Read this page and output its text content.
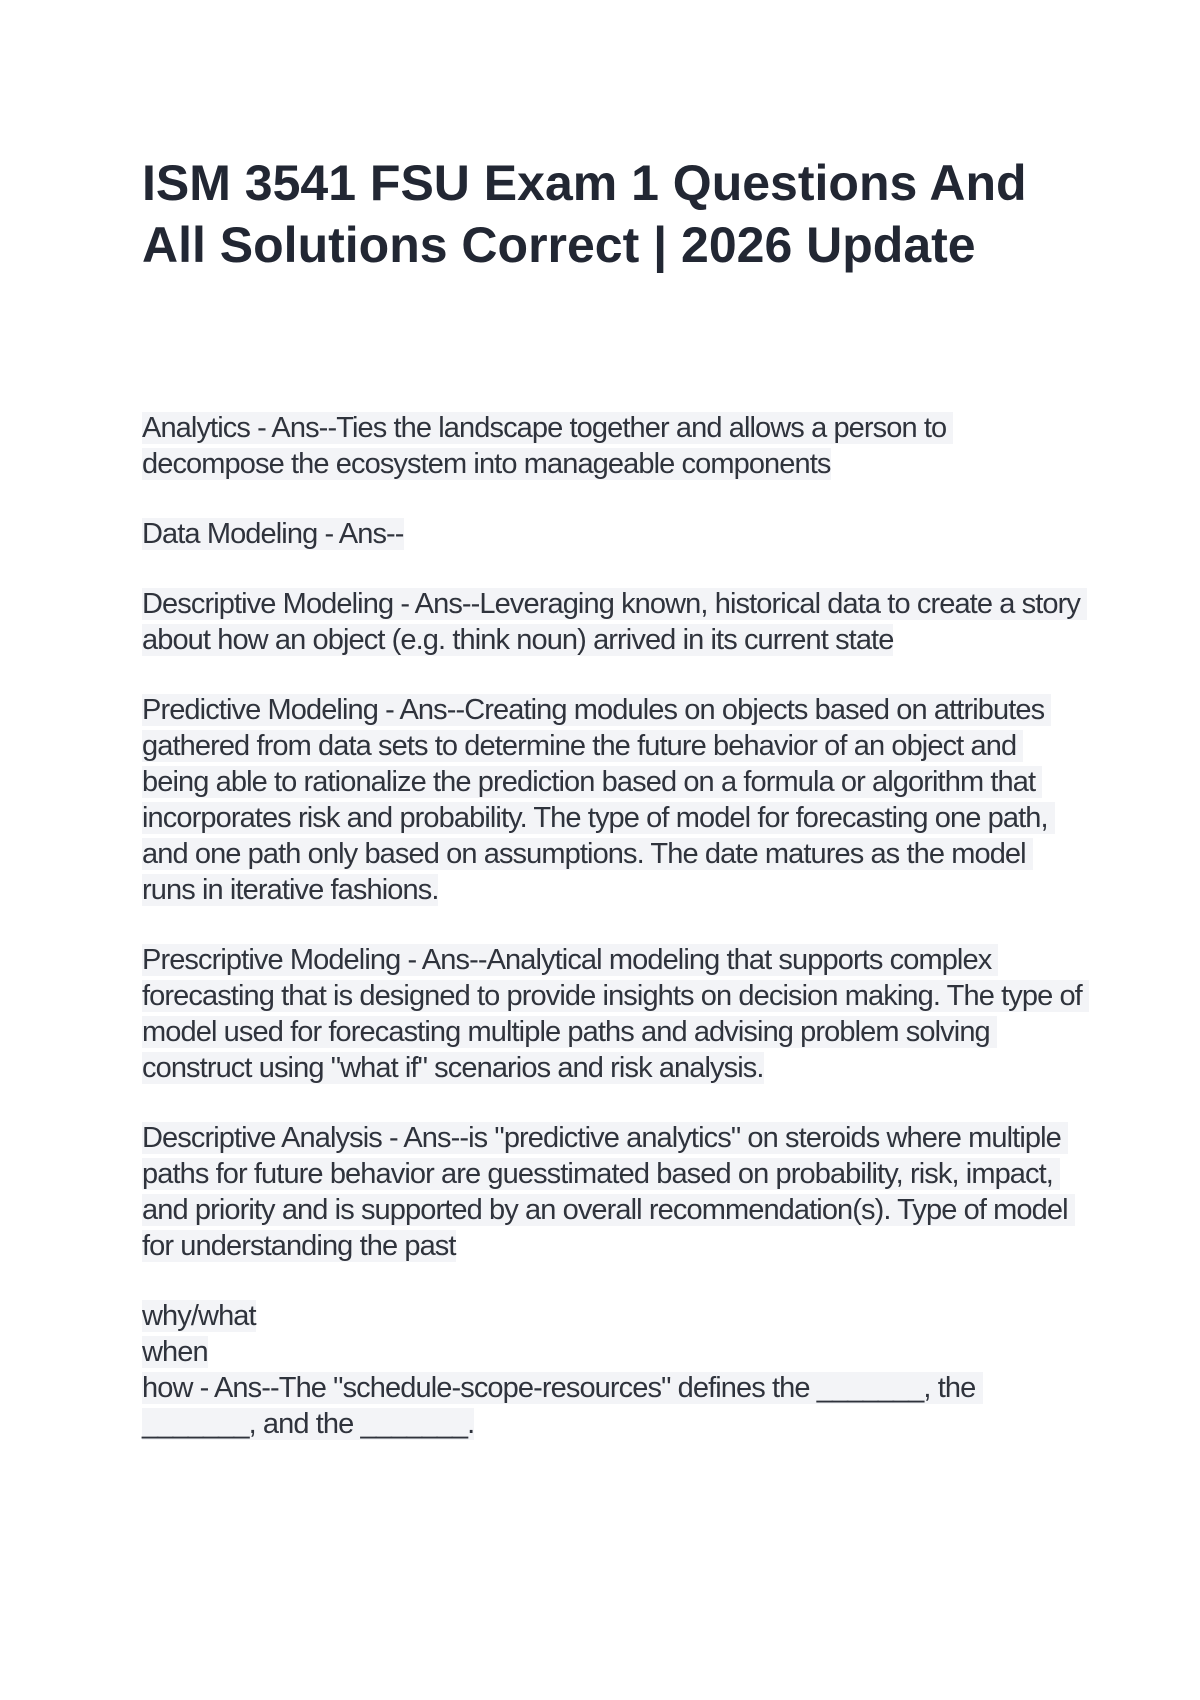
ISM 3541 FSU Exam 1 Questions And All Solutions Correct | 2026 Update
Analytics - Ans--Ties the landscape together and allows a person to decompose the ecosystem into manageable components
Data Modeling - Ans--
Descriptive Modeling - Ans--Leveraging known, historical data to create a story about how an object (e.g. think noun) arrived in its current state
Predictive Modeling - Ans--Creating modules on objects based on attributes gathered from data sets to determine the future behavior of an object and being able to rationalize the prediction based on a formula or algorithm that incorporates risk and probability. The type of model for forecasting one path, and one path only based on assumptions. The date matures as the model runs in iterative fashions.
Prescriptive Modeling - Ans--Analytical modeling that supports complex forecasting that is designed to provide insights on decision making. The type of model used for forecasting multiple paths and advising problem solving construct using "what if" scenarios and risk analysis.
Descriptive Analysis - Ans--is "predictive analytics" on steroids where multiple paths for future behavior are guesstimated based on probability, risk, impact, and priority and is supported by an overall recommendation(s). Type of model for understanding the past
why/what
when
how - Ans--The "schedule-scope-resources" defines the _______, the _______, and the _______.
